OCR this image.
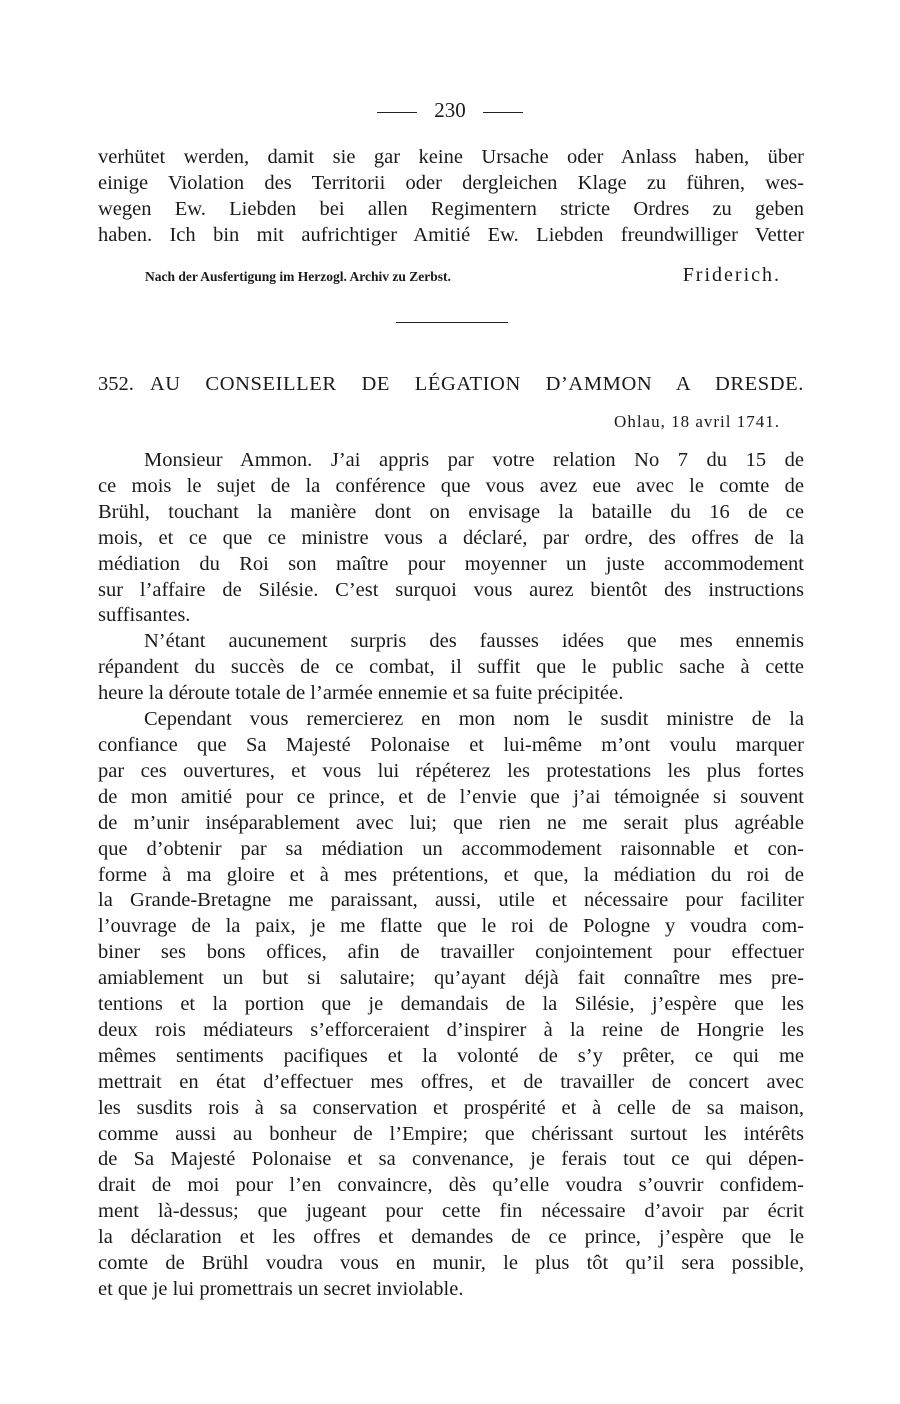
230

verhütet werden, damit sie gar keine Ursache oder Anlass haben, über

einige Violation des Territorii oder dergleichen Klage zu führen, wes-

wegen Ew. Liebden bei allen Regimentern stricte Ordres zu geben

haben. Ich bin mit aufrichtiger Amitié Ew. Liebden freundwilliger Vetter

Nach der Ausfertigung im Herzogl. Archiv zu Zerbst.	Friderich.
352. AU CONSEILLER DE LÉGATION D’AMMON A DRESDE.
Ohlau, 18 avril 1741.

Monsieur Ammon. J’ai appris par votre relation No 7 du 15 de

ce mois le sujet de la conférence que vous avez eue avec le comte de

Brühl, touchant la manière dont on envisage la bataille du 16 de ce

mois, et ce que ce ministre vous a déclaré, par ordre, des offres de la

médiation du Roi son maître pour moyenner un juste accommodement

sur l’affaire de Silésie. C’est surquoi vous aurez bientôt des instructions

suffisantes.

N’étant aucunement surpris des fausses idées que mes ennemis

répandent du succès de ce combat, il suffit que le public sache à cette

heure la déroute totale de l’armée ennemie et sa fuite précipitée.

Cependant vous remercierez en mon nom le susdit ministre de la

confiance que Sa Majesté Polonaise et lui-même m’ont voulu marquer

par ces ouvertures, et vous lui répéterez les protestations les plus fortes

de mon amitié pour ce prince, et de l’envie que j’ai témoignée si souvent

de m’unir inséparablement avec lui; que rien ne me serait plus agréable

que d’obtenir par sa médiation un accommodement raisonnable et con-

forme à ma gloire et à mes prétentions, et que, la médiation du roi de

la Grande-Bretagne me paraissant, aussi, utile et nécessaire pour faciliter

l’ouvrage de la paix, je me flatte que le roi de Pologne y voudra com-

biner ses bons offices, afin de travailler conjointement pour effectuer

amiablement un but si salutaire; qu’ayant déjà fait connaître mes pre-

tentions et la portion que je demandais de la Silésie, j’espère que les

deux rois médiateurs s’efforceraient d’inspirer à la reine de Hongrie les

mêmes sentiments pacifiques et la volonté de s’y prêter, ce qui me

mettrait en état d’effectuer mes offres, et de travailler de concert avec

les susdits rois à sa conservation et prospérité et à celle de sa maison,

comme aussi au bonheur de l’Empire; que chérissant surtout les intérêts

de Sa Majesté Polonaise et sa convenance, je ferais tout ce qui dépen-

drait de moi pour l’en convaincre, dès qu’elle voudra s’ouvrir confidem-

ment là-dessus; que jugeant pour cette fin nécessaire d’avoir par écrit

la déclaration et les offres et demandes de ce prince, j’espère que le

comte de Brühl voudra vous en munir, le plus tôt qu’il sera possible,

et que je lui promettrais un secret inviolable.
